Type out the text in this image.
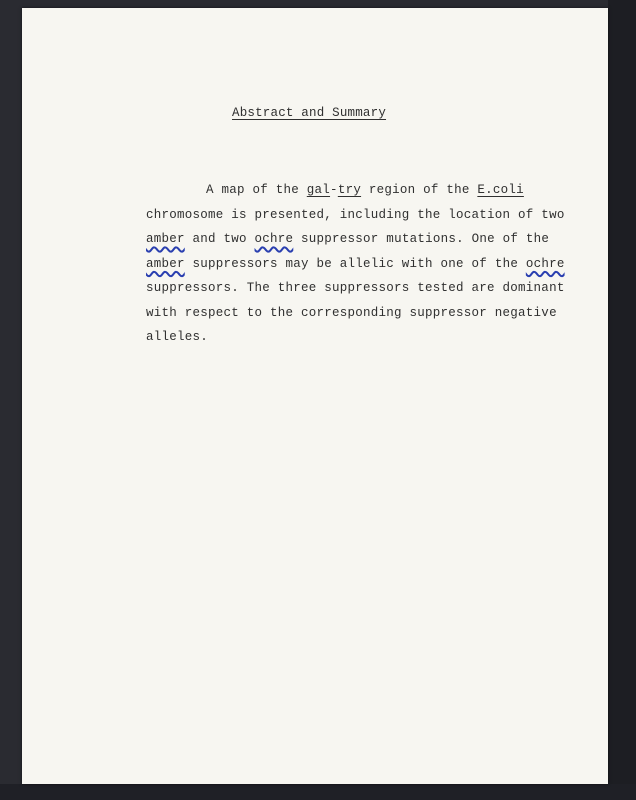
Abstract and Summary
A map of the gal-try region of the E.coli
chromosome is presented, including the location of two
amber and two ochre suppressor mutations. One of the
amber suppressors may be allelic with one of the ochre
suppressors. The three suppressors tested are dominant
with respect to the corresponding suppressor negative
alleles.
